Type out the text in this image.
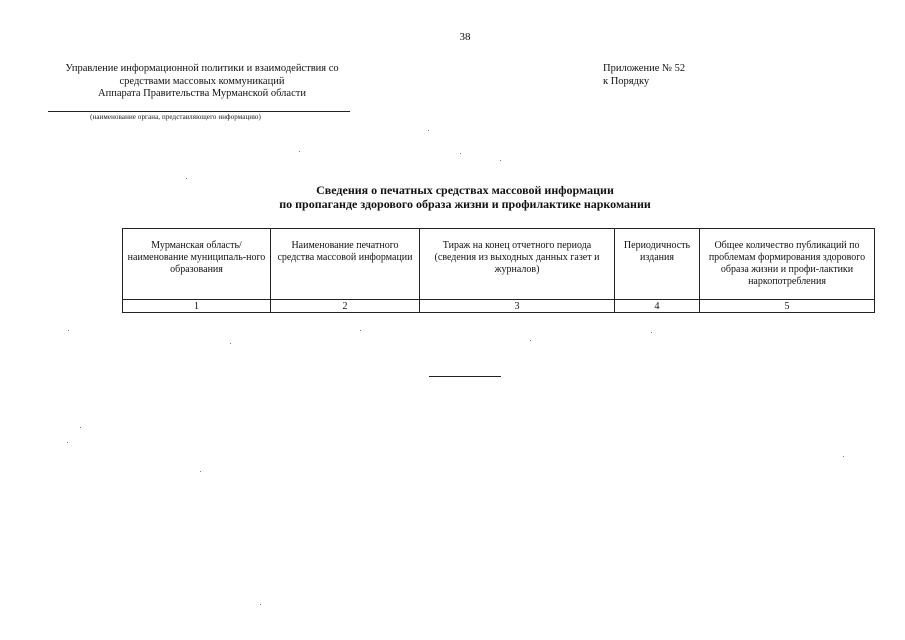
38
Управление информационной политики и взаимодействия со
средствами массовых коммуникаций
Аппарата Правительства Мурманской области
(наименование органа, представляющего информацию)
Приложение № 52
к Порядку
Сведения о печатных средствах массовой информации
по пропаганде здорового образа жизни и профилактике наркомании
Мурманская область/ наименование муниципаль-ного образования	Наименование печатного средства массовой информации	Тираж на конец отчетного периода (сведения из выходных данных газет и журналов)	Периодичность издания	Общее количество публикаций по проблемам формирования здорового образа жизни и профи-лактики наркопотребления
1	2	3	4	5
